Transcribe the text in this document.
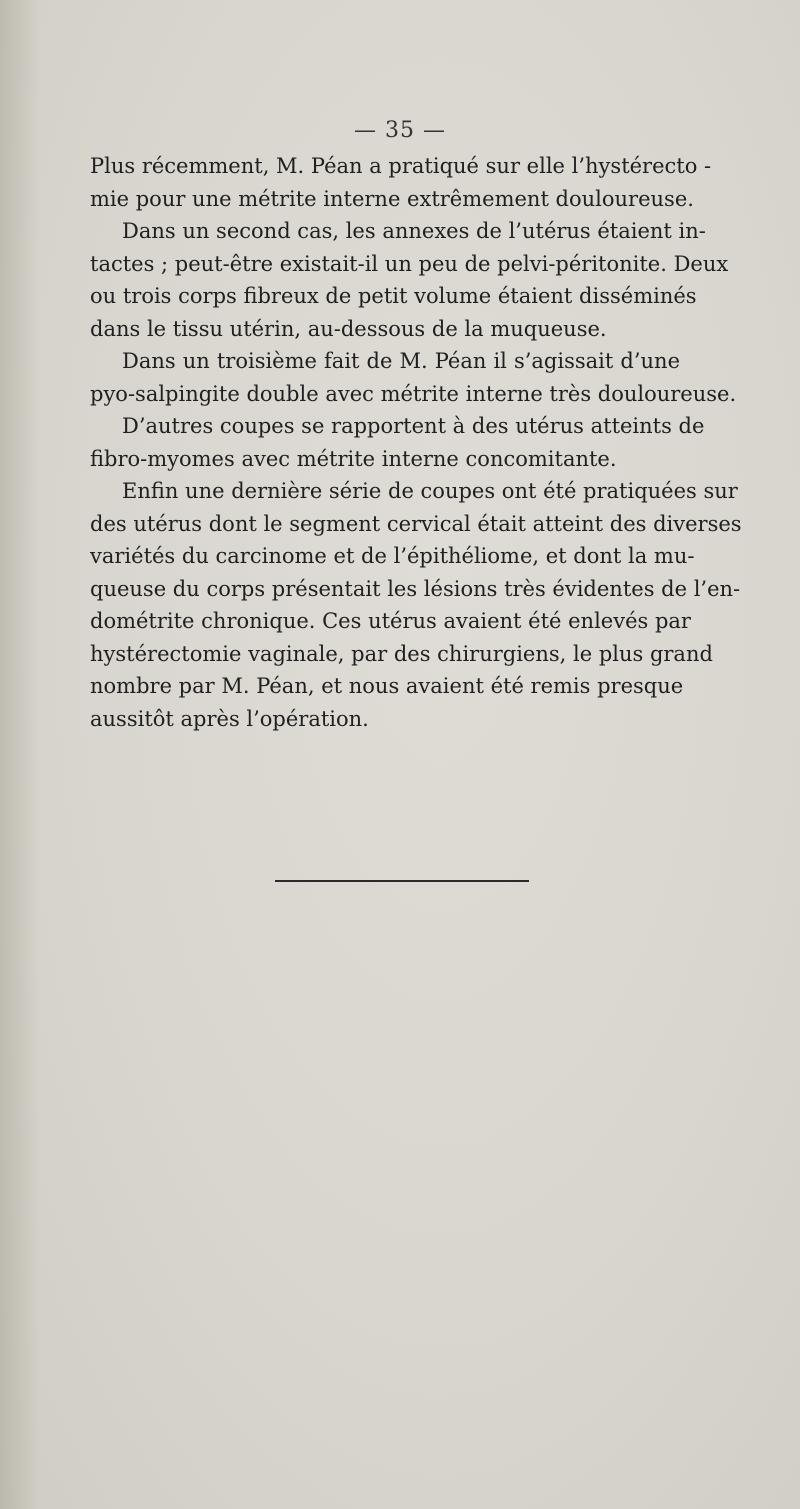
— 35 —
Plus récemment, M. Péan a pratiqué sur elle l’hystérecto -
mie pour une métrite interne extrêmement douloureuse.
Dans un second cas, les annexes de l’utérus étaient in-
tactes ; peut-être existait-il un peu de pelvi-péritonite. Deux
ou trois corps fibreux de petit volume étaient disséminés
dans le tissu utérin, au-dessous de la muqueuse.
Dans un troisième fait de M. Péan il s’agissait d’une
pyo-salpingite double avec métrite interne très douloureuse.
D’autres coupes se rapportent à des utérus atteints de
fibro-myomes avec métrite interne concomitante.
Enfin une dernière série de coupes ont été pratiquées sur
des utérus dont le segment cervical était atteint des diverses
variétés du carcinome et de l’épithéliome, et dont la mu-
queuse du corps présentait les lésions très évidentes de l’en-
dométrite chronique. Ces utérus avaient été enlevés par
hystérectomie vaginale, par des chirurgiens, le plus grand
nombre par M. Péan, et nous avaient été remis presque
aussitôt après l’opération.
